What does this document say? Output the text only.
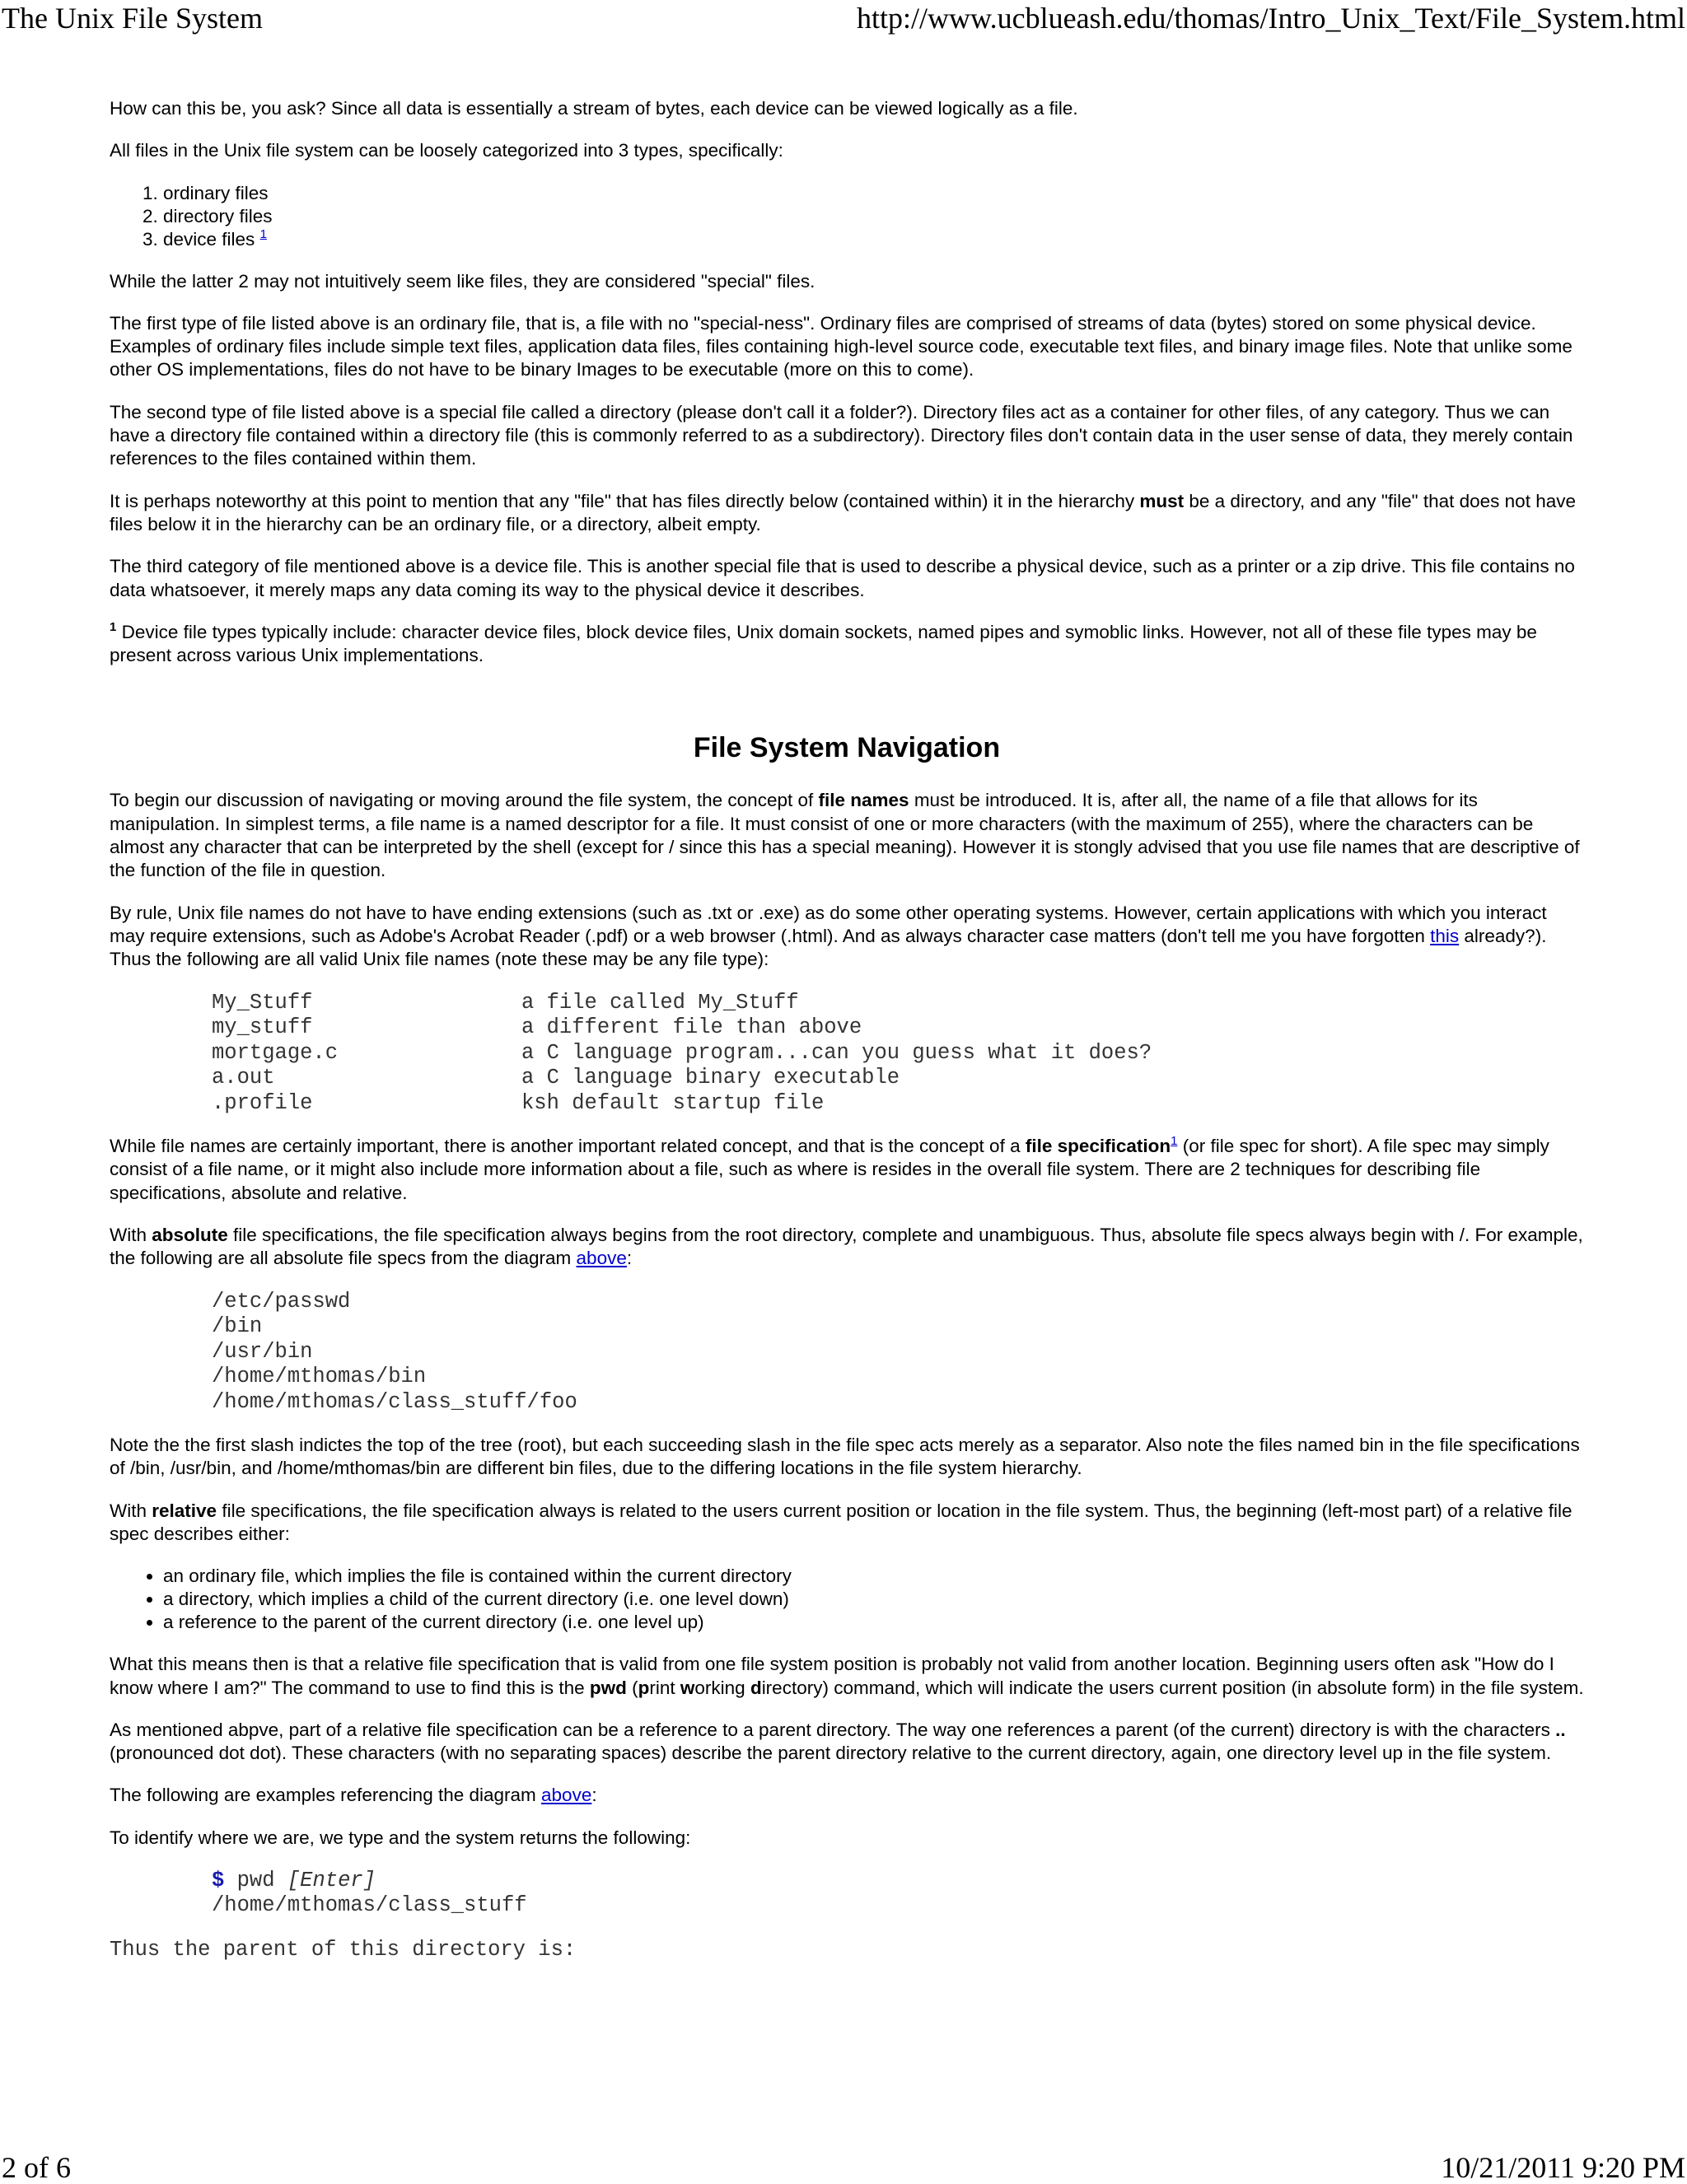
The Unix File System	http://www.ucblueash.edu/thomas/Intro_Unix_Text/File_System.html

How can this be, you ask? Since all data is essentially a stream of bytes, each device can be viewed logically as a file.

All files in the Unix file system can be loosely categorized into 3 types, specifically:

1. ordinary files
2. directory files
3. device files $^1$

While the latter 2 may not intuitively seem like files, they are considered "special" files.

The first type of file listed above is an ordinary file, that is, a file with no "special-ness". Ordinary files are comprised of streams of data (bytes) stored on some physical device. Examples of ordinary files include simple text files, application data files, files containing high-level source code, executable text files, and binary image files. Note that unlike some other OS implementations, files do not have to be binary Images to be executable (more on this to come).

The second type of file listed above is a special file called a directory (please don't call it a folder?). Directory files act as a container for other files, of any category. Thus we can have a directory file contained within a directory file (this is commonly referred to as a subdirectory). Directory files don't contain data in the user sense of data, they merely contain references to the files contained within them.

It is perhaps noteworthy at this point to mention that any "file" that has files directly below (contained within) it in the hierarchy must be a directory, and any "file" that does not have files below it in the hierarchy can be an ordinary file, or a directory, albeit empty.

The third category of file mentioned above is a device file. This is another special file that is used to describe a physical device, such as a printer or a zip drive. This file contains no data whatsoever, it merely maps any data coming its way to the physical device it describes.

$^1$ Device file types typically include: character device files, block device files, Unix domain sockets, named pipes and symoblic links. However, not all of these file types may be present across various Unix implementations.

File System Navigation

To begin our discussion of navigating or moving around the file system, the concept of file names must be introduced. It is, after all, the name of a file that allows for its manipulation. In simplest terms, a file name is a named descriptor for a file. It must consist of one or more characters (with the maximum of 255), where the characters can be almost any character that can be interpreted by the shell (except for / since this has a special meaning). However it is stongly advised that you use file names that are descriptive of the function of the file in question.

By rule, Unix file names do not have to have ending extensions (such as .txt or .exe) as do some other operating systems. However, certain applications with which you interact may require extensions, such as Adobe's Acrobat Reader (.pdf) or a web browser (.html). And as always character case matters (don't tell me you have forgotten this already?). Thus the following are all valid Unix file names (note these may be any file type):

My_Stuff	a file called My_Stuff
my_stuff	a different file than above
mortgage.c	a C language program...can you guess what it does?
a.out	a C language binary executable
.profile	ksh default startup file

While file names are certainly important, there is another important related concept, and that is the concept of a file specification$^1$ (or file spec for short). A file spec may simply consist of a file name, or it might also include more information about a file, such as where is resides in the overall file system. There are 2 techniques for describing file specifications, absolute and relative.

With absolute file specifications, the file specification always begins from the root directory, complete and unambiguous. Thus, absolute file specs always begin with /. For example, the following are all absolute file specs from the diagram above:

/etc/passwd
/bin
/usr/bin
/home/mthomas/bin
/home/mthomas/class_stuff/foo

Note the the first slash indictes the top of the tree (root), but each succeeding slash in the file spec acts merely as a separator. Also note the files named bin in the file specifications of /bin, /usr/bin, and /home/mthomas/bin are different bin files, due to the differing locations in the file system hierarchy.

With relative file specifications, the file specification always is related to the users current position or location in the file system. Thus, the beginning (left-most part) of a relative file spec describes either:

• an ordinary file, which implies the file is contained within the current directory
• a directory, which implies a child of the current directory (i.e. one level down)
• a reference to the parent of the current directory (i.e. one level up)

What this means then is that a relative file specification that is valid from one file system position is probably not valid from another location. Beginning users often ask "How do I know where I am?" The command to use to find this is the pwd (print working directory) command, which will indicate the users current position (in absolute form) in the file system.

As mentioned abpve, part of a relative file specification can be a reference to a parent directory. The way one references a parent (of the current) directory is with the characters .. (pronounced dot dot). These characters (with no separating spaces) describe the parent directory relative to the current directory, again, one directory level up in the file system.

The following are examples referencing the diagram above:

To identify where we are, we type and the system returns the following:

$ pwd [Enter]
/home/mthomas/class_stuff

Thus the parent of this directory is:

2 of 6	10/21/2011 9:20 PM
